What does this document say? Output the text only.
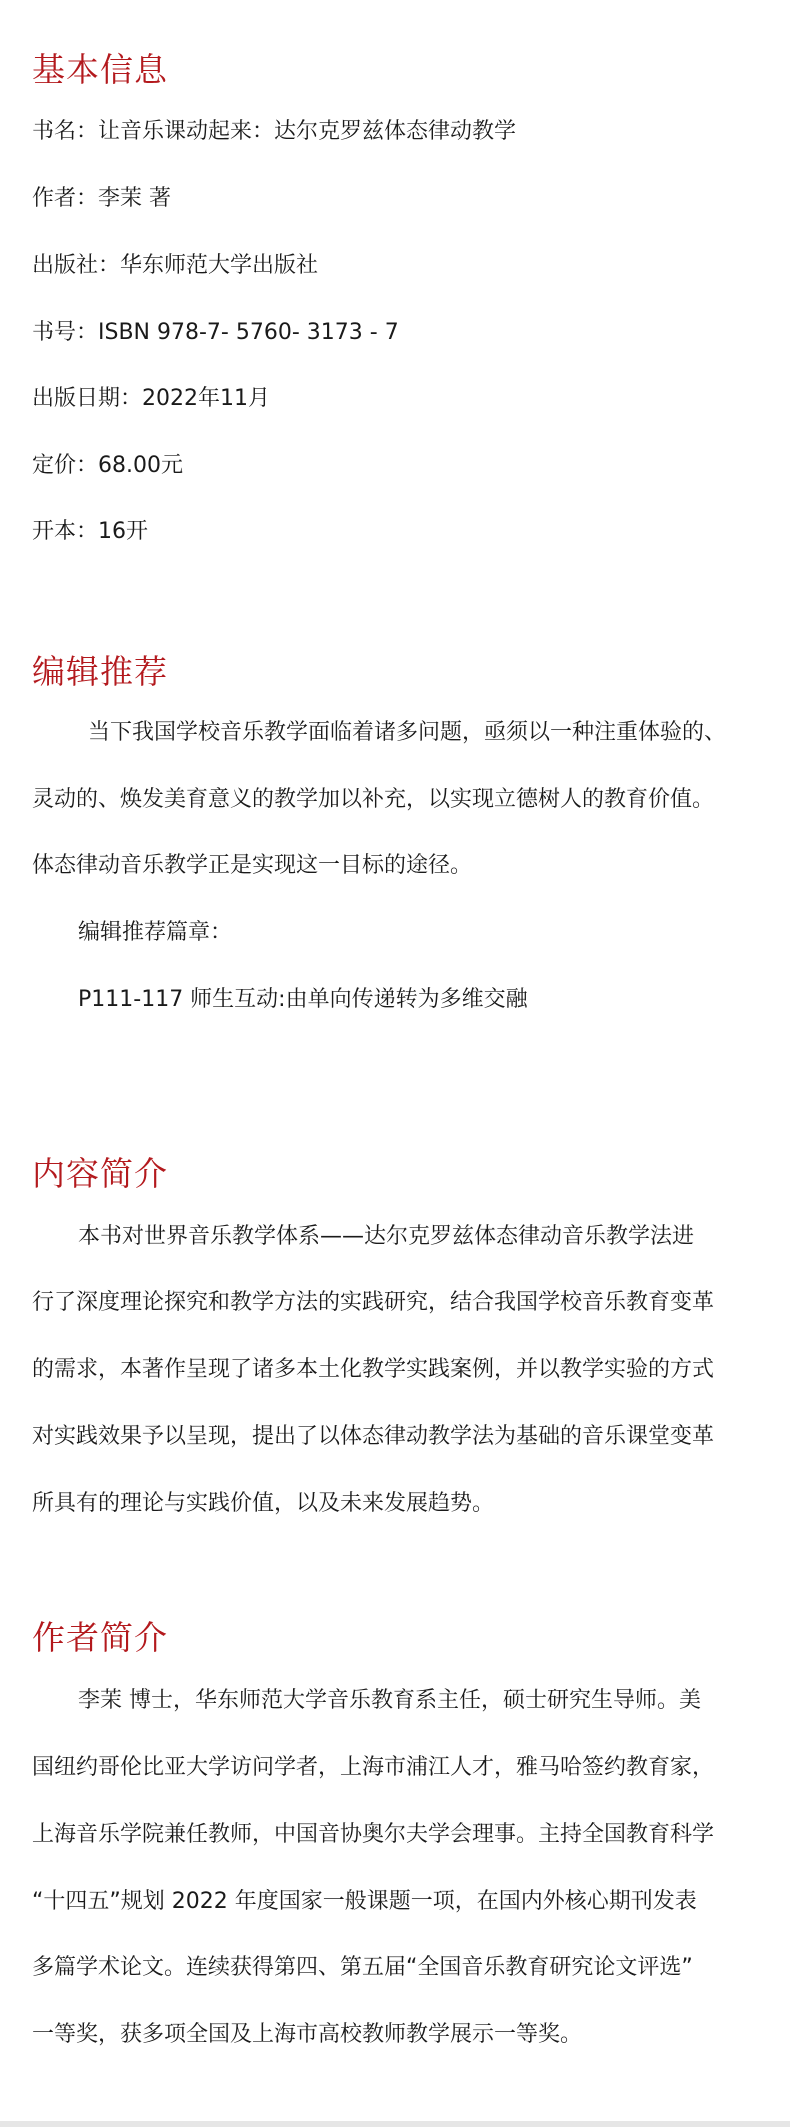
基本信息

书名：让音乐课动起来：达尔克罗兹体态律动教学

作者：李茉 著

出版社：华东师范大学出版社

书号：ISBN 978-7- 5760- 3173 - 7

出版日期：2022年11月

定价：68.00元

开本：16开

编辑推荐

当下我国学校音乐教学面临着诸多问题，亟须以一种注重体验的、

灵动的、焕发美育意义的教学加以补充，以实现立德树人的教育价值。

体态律动音乐教学正是实现这一目标的途径。

编辑推荐篇章：

P111-117 师生互动:由单向传递转为多维交融

内容简介

本书对世界音乐教学体系——达尔克罗兹体态律动音乐教学法进

行了深度理论探究和教学方法的实践研究，结合我国学校音乐教育变革

的需求，本著作呈现了诸多本土化教学实践案例，并以教学实验的方式

对实践效果予以呈现，提出了以体态律动教学法为基础的音乐课堂变革

所具有的理论与实践价值，以及未来发展趋势。

作者简介

李茉 博士，华东师范大学音乐教育系主任，硕士研究生导师。美

国纽约哥伦比亚大学访问学者，上海市浦江人才，雅马哈签约教育家，

上海音乐学院兼任教师，中国音协奥尔夫学会理事。主持全国教育科学

“十四五”规划 2022 年度国家一般课题一项，在国内外核心期刊发表

多篇学术论文。连续获得第四、第五届“全国音乐教育研究论文评选”

一等奖，获多项全国及上海市高校教师教学展示一等奖。
